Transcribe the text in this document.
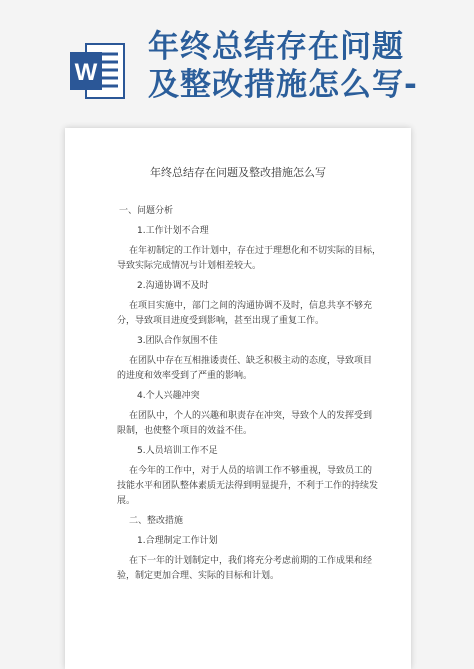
W
年终总结存在问题
及整改措施怎么写-
年终总结存在问题及整改措施怎么写
一、问题分析
1.工作计划不合理
在年初制定的工作计划中，存在过于理想化和不切实际的目标，
导致实际完成情况与计划相差较大。
2.沟通协调不及时
在项目实施中，部门之间的沟通协调不及时，信息共享不够充
分，导致项目进度受到影响，甚至出现了重复工作。
3.团队合作氛围不佳
在团队中存在互相推诿责任、缺乏积极主动的态度，导致项目
的进度和效率受到了严重的影响。
4.个人兴趣冲突
在团队中，个人的兴趣和职责存在冲突，导致个人的发挥受到
限制，也使整个项目的效益不佳。
5.人员培训工作不足
在今年的工作中，对于人员的培训工作不够重视，导致员工的
技能水平和团队整体素质无法得到明显提升，不利于工作的持续发
展。
二、整改措施
1.合理制定工作计划
在下一年的计划制定中，我们将充分考虑前期的工作成果和经
验，制定更加合理、实际的目标和计划。
